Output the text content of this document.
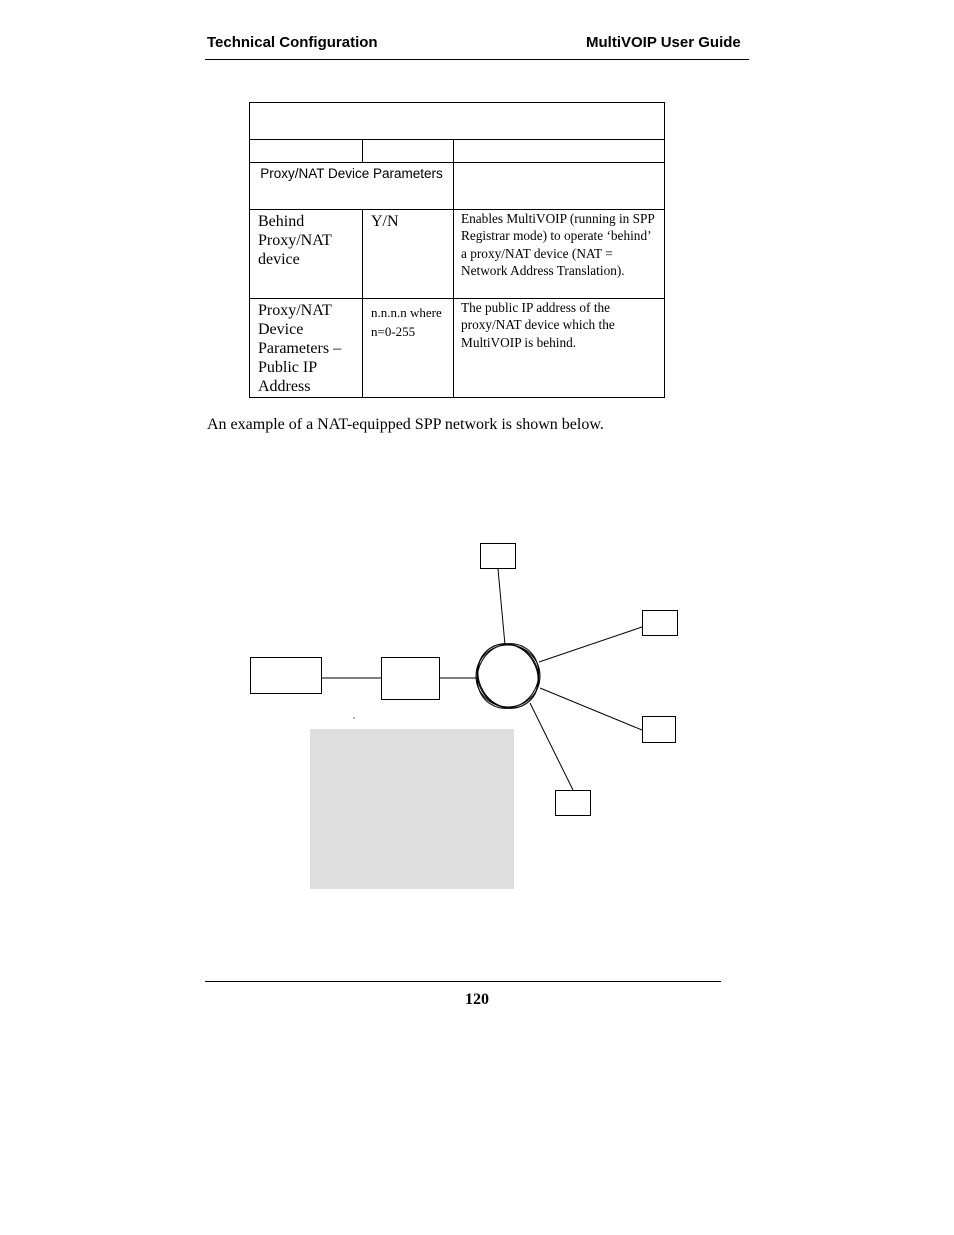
Technical Configuration	MultiVOIP User Guide

Proxy/NAT Device Parameters		
Behind Proxy/NAT device	Y/N	Enables MultiVOIP (running in SPP Registrar mode) to operate ‘behind’ a proxy/NAT device (NAT = Network Address Translation).
Proxy/NAT Device Parameters – Public IP Address	n.n.n.n where n=0-255	The public IP address of the proxy/NAT device which the MultiVOIP is behind.
An example of a NAT-equipped SPP network is shown below.
120
